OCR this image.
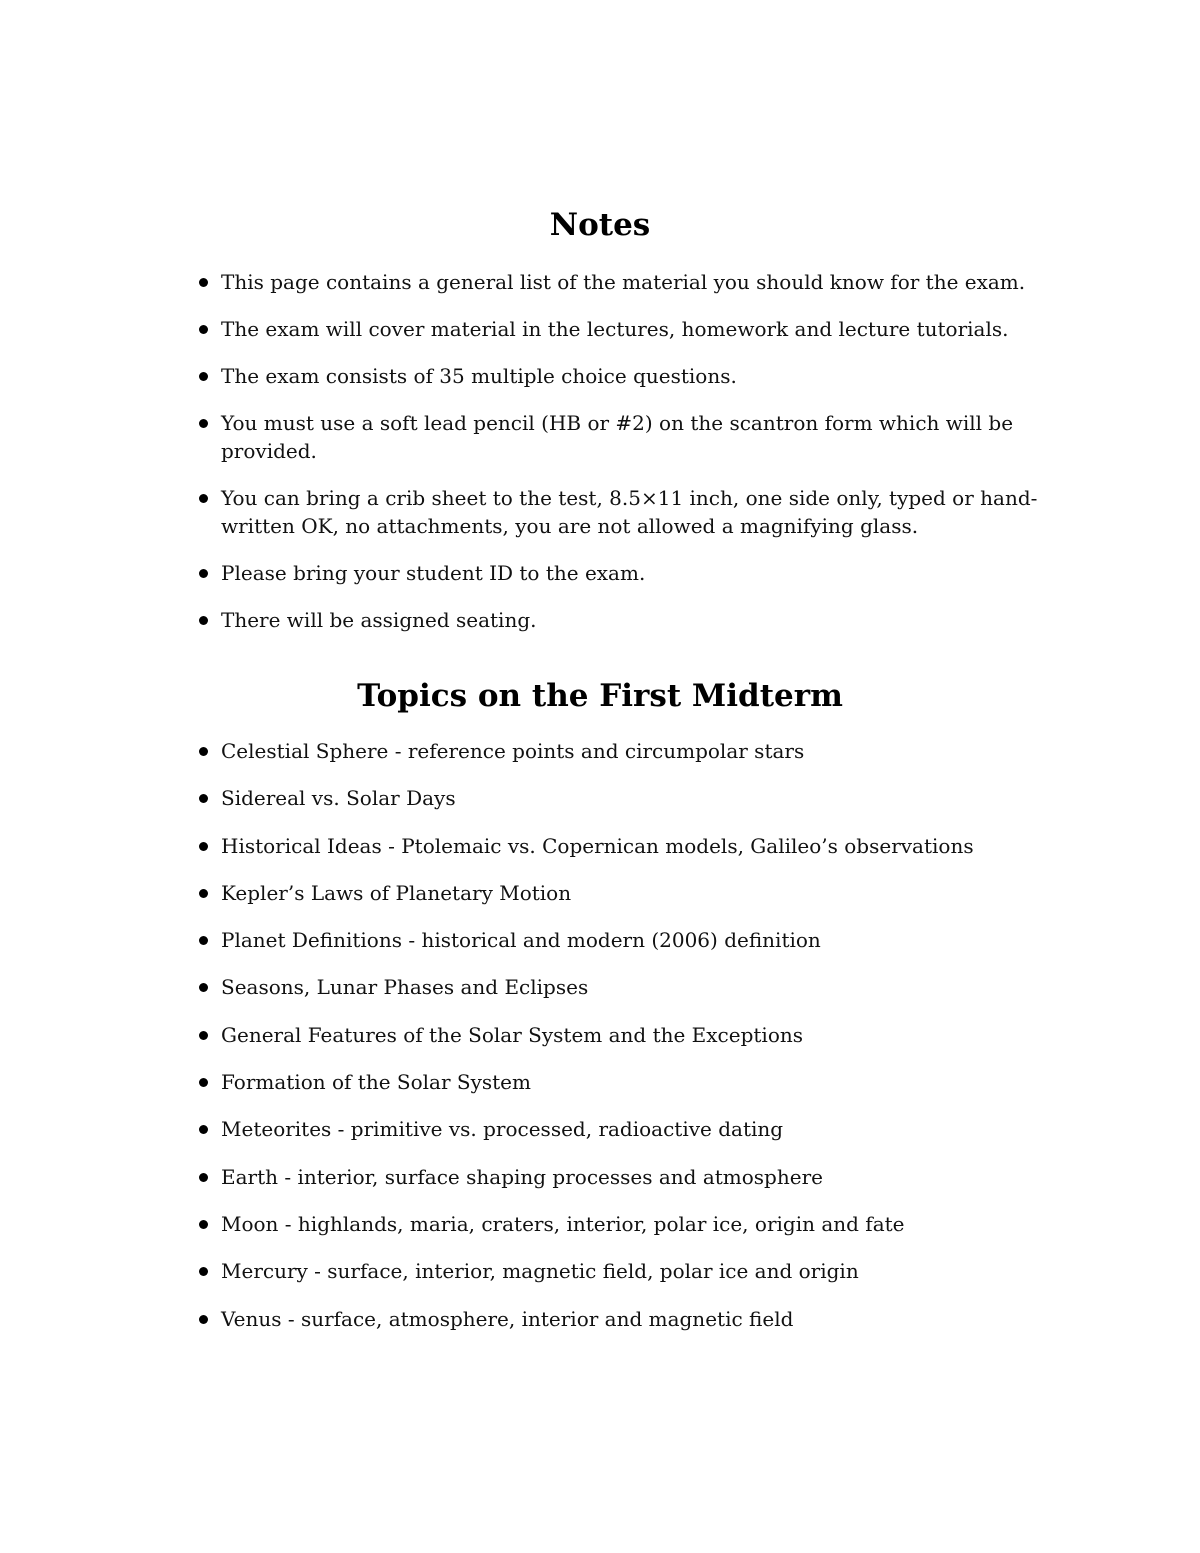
Notes
This page contains a general list of the material you should know for the exam.
The exam will cover material in the lectures, homework and lecture tutorials.
The exam consists of 35 multiple choice questions.
You must use a soft lead pencil (HB or #2) on the scantron form which will be provided.
You can bring a crib sheet to the test, 8.5×11 inch, one side only, typed or hand-written OK, no attachments, you are not allowed a magnifying glass.
Please bring your student ID to the exam.
There will be assigned seating.
Topics on the First Midterm
Celestial Sphere - reference points and circumpolar stars
Sidereal vs. Solar Days
Historical Ideas - Ptolemaic vs. Copernican models, Galileo’s observations
Kepler’s Laws of Planetary Motion
Planet Definitions - historical and modern (2006) definition
Seasons, Lunar Phases and Eclipses
General Features of the Solar System and the Exceptions
Formation of the Solar System
Meteorites - primitive vs. processed, radioactive dating
Earth - interior, surface shaping processes and atmosphere
Moon - highlands, maria, craters, interior, polar ice, origin and fate
Mercury - surface, interior, magnetic field, polar ice and origin
Venus - surface, atmosphere, interior and magnetic field
